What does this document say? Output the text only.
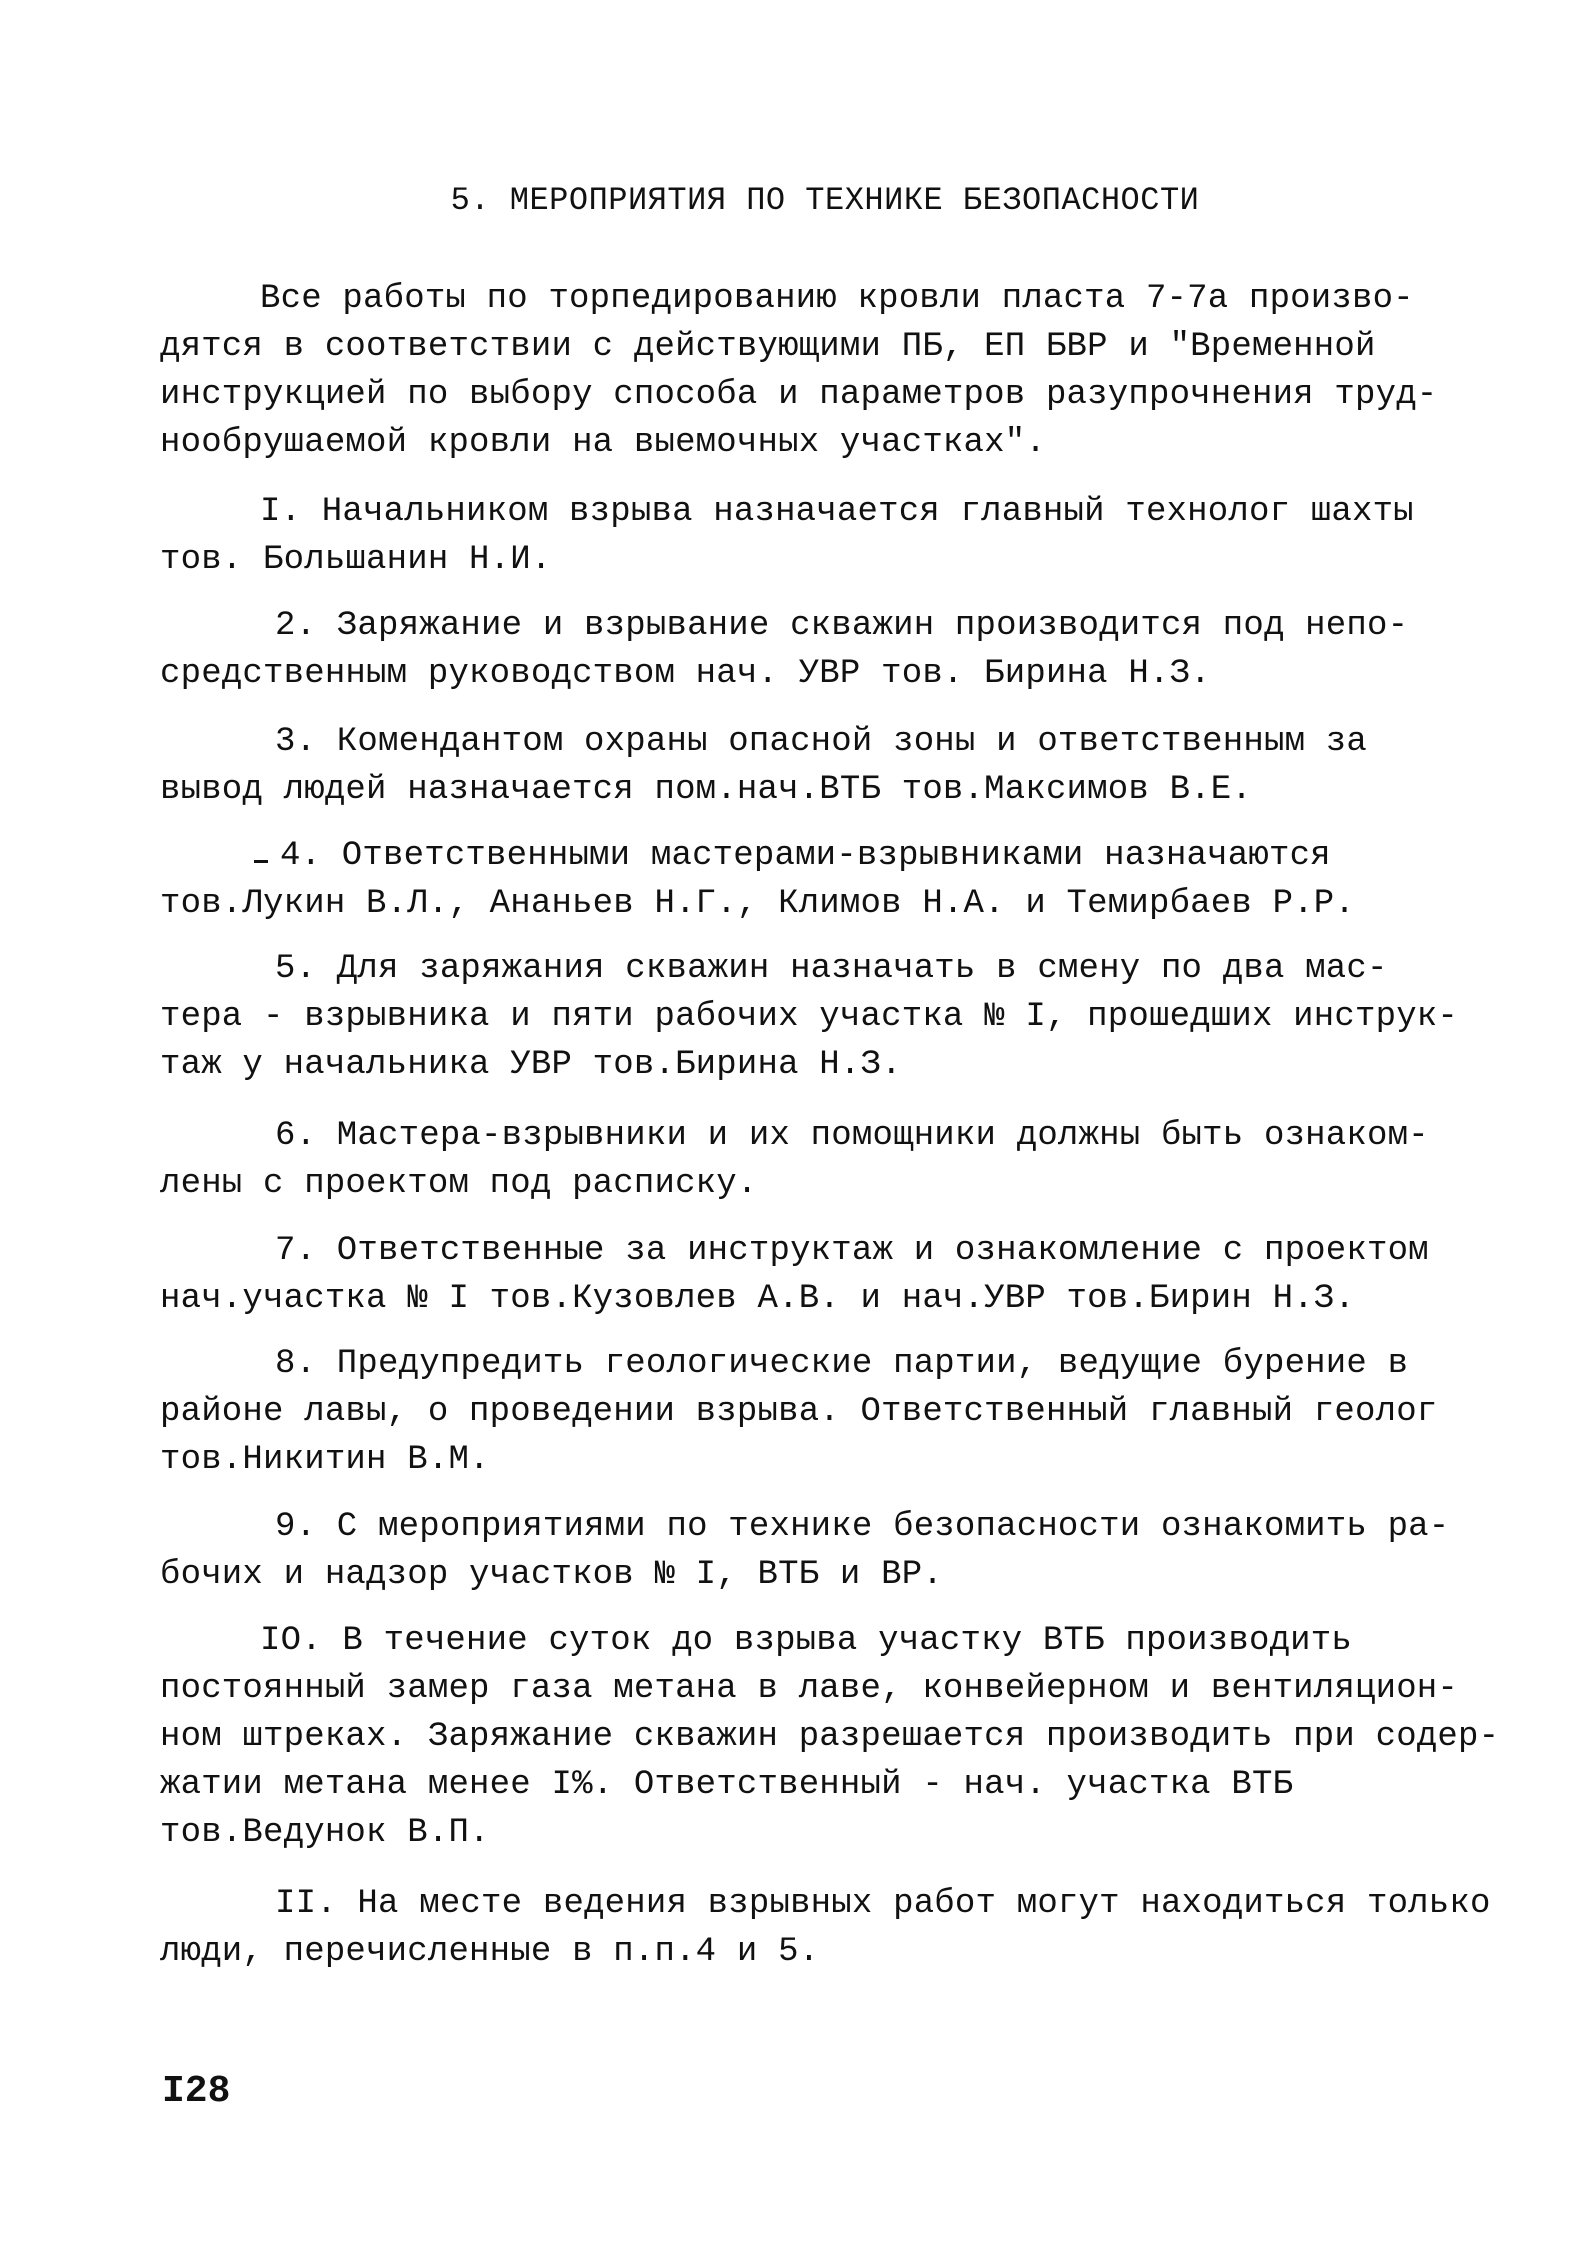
5. МЕРОПРИЯТИЯ ПО ТЕХНИКЕ БЕЗОПАСНОСТИ
Все работы по торпедированию кровли пласта 7-7а произво-
дятся в соответствии с действующими ПБ, ЕП БВР и "Временной
инструкцией по выбору способа и параметров разупрочнения труд-
нообрушаемой кровли на выемочных участках".
I. Начальником взрыва назначается главный технолог шахты
тов. Большанин Н.И.
2. Заряжание и взрывание скважин производится под непо-
средственным руководством нач. УВР тов. Бирина Н.З.
3. Комендантом охраны опасной зоны и ответственным за
вывод людей назначается пом.нач.ВТБ тов.Максимов В.Е.
4. Ответственными мастерами-взрывниками назначаются
тов.Лукин В.Л., Ананьев Н.Г., Климов Н.А. и Темирбаев Р.Р.
5. Для заряжания скважин назначать в смену по два мас-
тера - взрывника и пяти рабочих участка № I, прошедших инструк-
таж у начальника УВР тов.Бирина Н.З.
6. Мастера-взрывники и их помощники должны быть ознаком-
лены с проектом под расписку.
7. Ответственные за инструктаж и ознакомление с проектом
нач.участка № I тов.Кузовлев А.В. и нач.УВР тов.Бирин Н.З.
8. Предупредить геологические партии, ведущие бурение в
районе лавы, о проведении взрыва. Ответственный главный геолог
тов.Никитин В.М.
9. С мероприятиями по технике безопасности ознакомить ра-
бочих и надзор участков № I, ВТБ и ВР.
IO. В течение суток до взрыва участку ВТБ производить
постоянный замер газа метана в лаве, конвейерном и вентиляцион-
ном штреках. Заряжание скважин разрешается производить при содер-
жатии метана менее I%. Ответственный - нач. участка ВТБ
тов.Ведунок В.П.
II. На месте ведения взрывных работ могут находиться только
люди, перечисленные в п.п.4 и 5.
I28
